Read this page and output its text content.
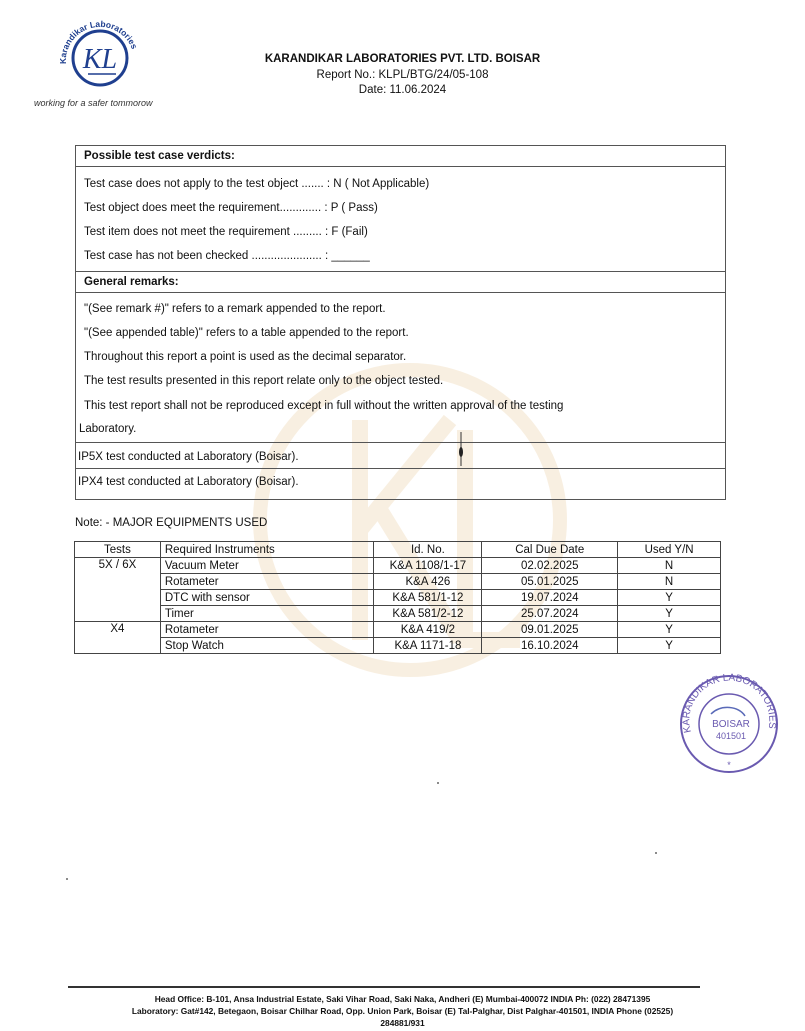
Karandikar Laboratories
KL
working for a safer tommorow
KARANDIKAR LABORATORIES PVT. LTD. BOISAR
Report No.: KLPL/BTG/24/05-108
Date: 11.06.2024
Possible test case verdicts:
Test case does not apply to the test object ....... : N ( Not Applicable)
Test object does meet the requirement............. : P ( Pass)
Test item does not meet the requirement ......... : F (Fail)
Test case has not been checked ...................... : ______
General remarks:
"(See remark #)" refers to a remark appended to the report.
"(See appended table)" refers to a table appended to the report.
Throughout this report a point is used as the decimal separator.
The test results presented in this report relate only to the object tested.
This test report shall not be reproduced except in full without the written approval of the testing
Laboratory.
IP5X test conducted at Laboratory (Boisar).
IPX4 test conducted at Laboratory (Boisar).
Note: - MAJOR EQUIPMENTS USED
Tests	Required Instruments	Id. No.	Cal Due Date	Used Y/N
5X / 6X	Vacuum Meter	K&A 1108/1-17	02.02.2025	N
	Rotameter	K&A 426	05.01.2025	N
	DTC with sensor	K&A 581/1-12	19.07.2024	Y
	Timer	K&A 581/2-12	25.07.2024	Y
X4	Rotameter	K&A 419/2	09.01.2025	Y
	Stop Watch	K&A 1171-18	16.10.2024	Y
KARANDIKAR LABORATORIES
BOISAR
401501
*
Head Office: B-101, Ansa Industrial Estate, Saki Vihar Road, Saki Naka, Andheri (E) Mumbai-400072 INDIA Ph: (022) 28471395
Laboratory: Gat#142, Betegaon, Boisar Chilhar Road, Opp. Union Park, Boisar (E) Tal-Palghar, Dist Palghar-401501, INDIA Phone (02525)
284881/931
